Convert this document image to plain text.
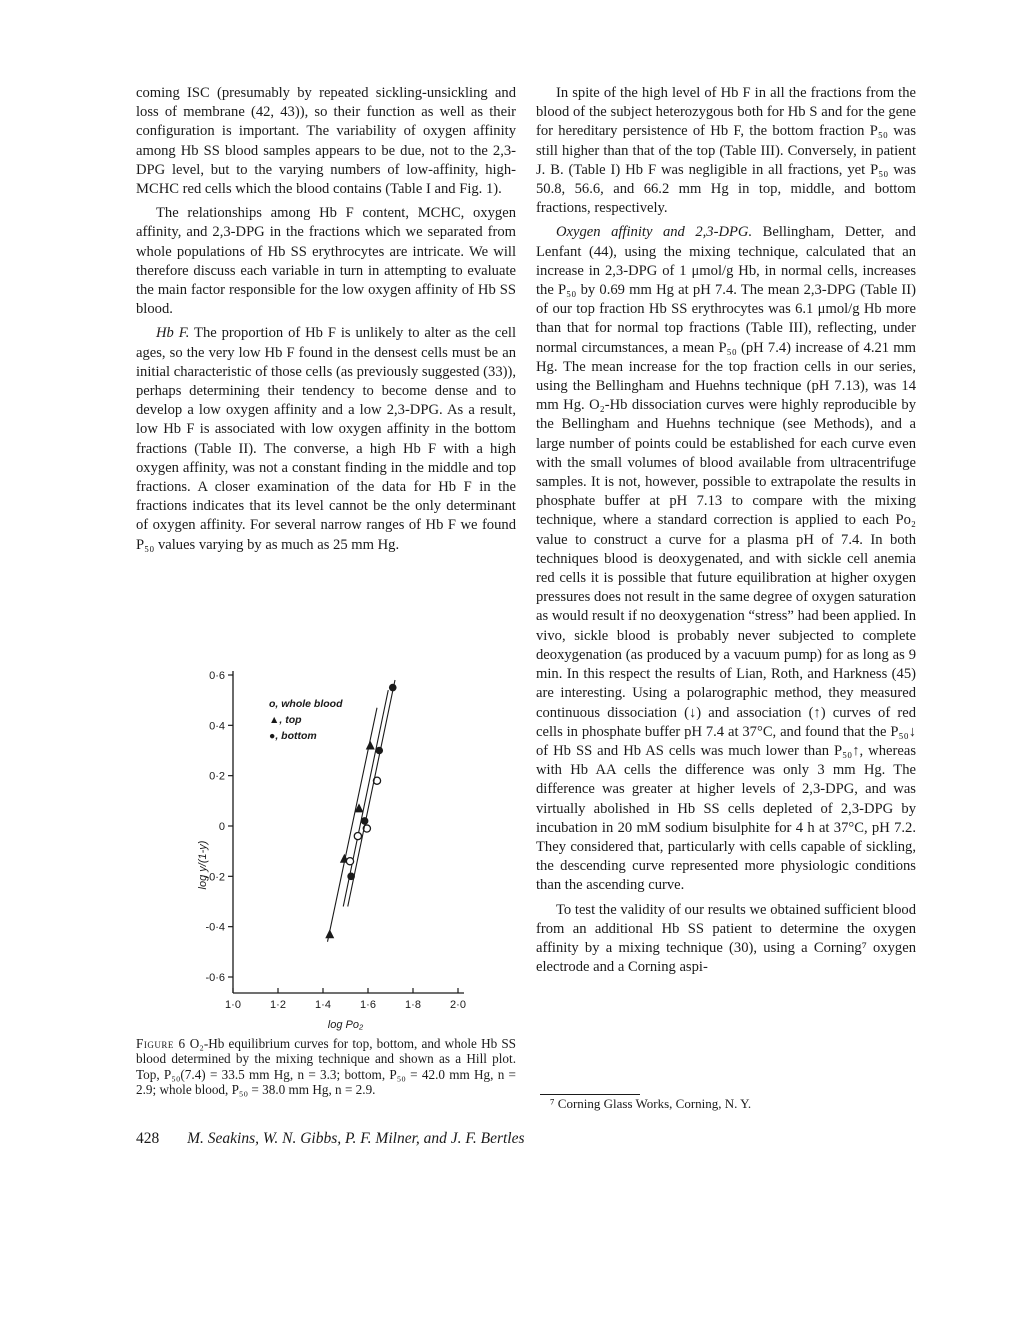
coming ISC (presumably by repeated sickling-unsickling and loss of membrane (42, 43)), so their function as well as their configuration is important. The variability of oxygen affinity among Hb SS blood samples appears to be due, not to the 2,3-DPG level, but to the varying numbers of low-affinity, high-MCHC red cells which the blood contains (Table I and Fig. 1).

The relationships among Hb F content, MCHC, oxygen affinity, and 2,3-DPG in the fractions which we separated from whole populations of Hb SS erythrocytes are intricate. We will therefore discuss each variable in turn in attempting to evaluate the main factor responsible for the low oxygen affinity of Hb SS blood.

Hb F. The proportion of Hb F is unlikely to alter as the cell ages, so the very low Hb F found in the densest cells must be an initial characteristic of those cells (as previously suggested (33)), perhaps determining their tendency to become dense and to develop a low oxygen affinity and a low 2,3-DPG. As a result, low Hb F is associated with low oxygen affinity in the bottom fractions (Table II). The converse, a high Hb F with a high oxygen affinity, was not a constant finding in the middle and top fractions. A closer examination of the data for Hb F in the fractions indicates that its level cannot be the only determinant of oxygen affinity. For several narrow ranges of Hb F we found P₅₀ values varying by as much as 25 mm Hg.

0·6
0·4
0·2
0
-0·2
-0·4
-0·6
1·0	1·2	1·4	1·6	1·8	2·0
log Po₂
log y/(1-y)
o, whole blood
▲, top
●, bottom
Figure 6 O₂-Hb equilibrium curves for top, bottom, and whole Hb SS blood determined by the mixing technique and shown as a Hill plot. Top, P₅₀(7.4) = 33.5 mm Hg, n = 3.3; bottom, P₅₀ = 42.0 mm Hg, n = 2.9; whole blood, P₅₀ = 38.0 mm Hg, n = 2.9.

In spite of the high level of Hb F in all the fractions from the blood of the subject heterozygous both for Hb S and for the gene for hereditary persistence of Hb F, the bottom fraction P₅₀ was still higher than that of the top (Table III). Conversely, in patient J. B. (Table I) Hb F was negligible in all fractions, yet P₅₀ was 50.8, 56.6, and 66.2 mm Hg in top, middle, and bottom fractions, respectively.

Oxygen affinity and 2,3-DPG. Bellingham, Detter, and Lenfant (44), using the mixing technique, calculated that an increase in 2,3-DPG of 1 μmol/g Hb, in normal cells, increases the P₅₀ by 0.69 mm Hg at pH 7.4. The mean 2,3-DPG (Table II) of our top fraction Hb SS erythrocytes was 6.1 μmol/g Hb more than that for normal top fractions (Table III), reflecting, under normal circumstances, a mean P₅₀ (pH 7.4) increase of 4.21 mm Hg. The mean increase for the top fraction cells in our series, using the Bellingham and Huehns technique (pH 7.13), was 14 mm Hg. O₂-Hb dissociation curves were highly reproducible by the Bellingham and Huehns technique (see Methods), and a large number of points could be established for each curve even with the small volumes of blood available from ultracentrifuge samples. It is not, however, possible to extrapolate the results in phosphate buffer at pH 7.13 to compare with the mixing technique, where a standard correction is applied to each Po₂ value to construct a curve for a plasma pH of 7.4. In both techniques blood is deoxygenated, and with sickle cell anemia red cells it is possible that future equilibration at higher oxygen pressures does not result in the same degree of oxygen saturation as would result if no deoxygenation “stress” had been applied. In vivo, sickle blood is probably never subjected to complete deoxygenation (as produced by a vacuum pump) for as long as 9 min. In this respect the results of Lian, Roth, and Harkness (45) are interesting. Using a polarographic method, they measured continuous dissociation (↓) and association (↑) curves of red cells in phosphate buffer pH 7.4 at 37°C, and found that the P₅₀↓ of Hb SS and Hb AS cells was much lower than P₅₀↑, whereas with Hb AA cells the difference was only 3 mm Hg. The difference was greater at higher levels of 2,3-DPG, and was virtually abolished in Hb SS cells depleted of 2,3-DPG by incubation in 20 mM sodium bisulphite for 4 h at 37°C, pH 7.2. They considered that, particularly with cells capable of sickling, the descending curve represented more physiologic conditions than the ascending curve.

To test the validity of our results we obtained sufficient blood from an additional Hb SS patient to determine the oxygen affinity by a mixing technique (30), using a Corning⁷ oxygen electrode and a Corning aspi-

⁷ Corning Glass Works, Corning, N. Y.
428 M. Seakins, W. N. Gibbs, P. F. Milner, and J. F. Bertles
